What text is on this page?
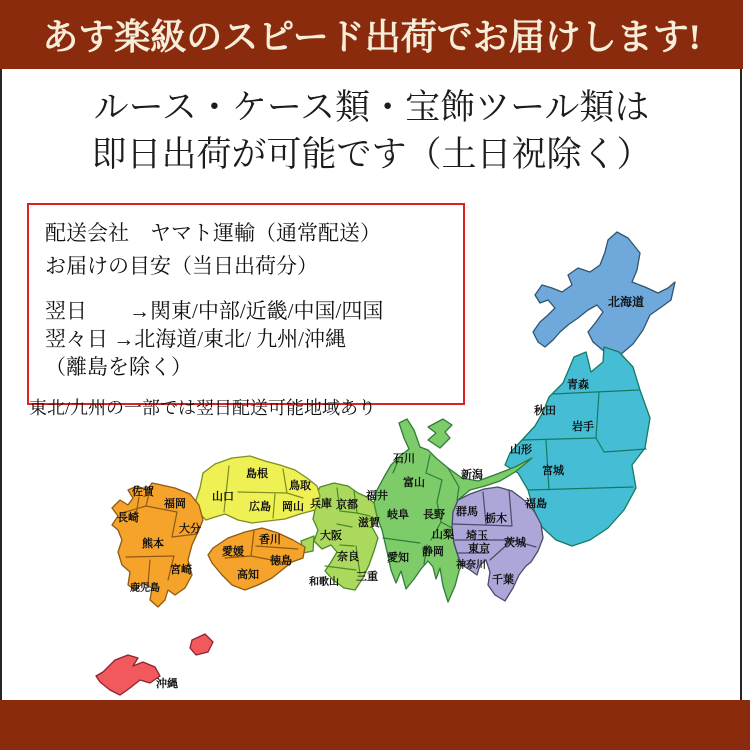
北海道
青森
秋田
岩手
山形
宮城
福島
新潟
石川
富山
福井
長野
岐阜
山梨
静岡
愛知
群馬
栃木
茨城
埼玉
東京
神奈川
千葉
兵庫 京都
滋賀
大阪
奈良
和歌山 三重
島根
鳥取
山口
広島 岡山
愛媛
香川
徳島
高知
佐賀
福岡
長崎
大分
熊本
宮崎
鹿児島
沖縄
あす楽級のスピード出荷でお届けします!
ルース・ケース類・宝飾ツール類は
即日出荷が可能です（土日祝除く）
配送会社　ヤマト運輸（通常配送）
お届けの目安（当日出荷分）
翌日　　→関東/中部/近畿/中国/四国
翌々日 →北海道/東北/ 九州/沖縄
（離島を除く）
東北/九州の一部では翌日配送可能地域あり
